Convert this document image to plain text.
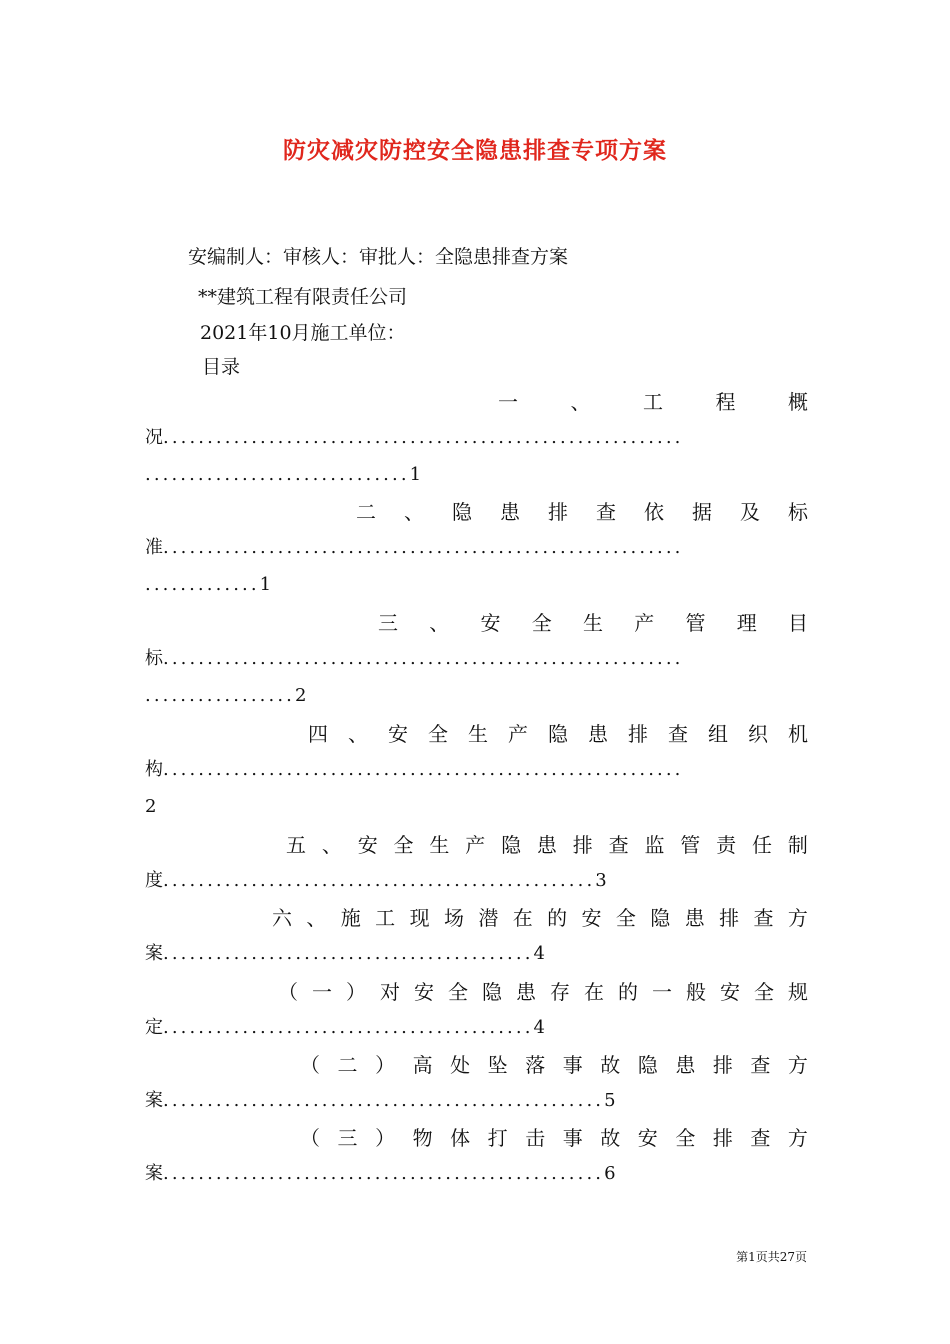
防灾减灾防控安全隐患排查专项方案
安编制人：审核人：审批人：全隐患排查方案
**建筑工程有限责任公司
2021年10月施工单位：
目录
一	、	工	程	概
况...........................................................
..............................1
二 、 隐 患 排 查 依 据 及 标
准...........................................................
.............1
三 、 安 全 生 产 管 理 目
标...........................................................
.................2
四 、 安 全 生 产 隐 患 排 查 组 织 机
构...........................................................
2
五 、 安 全 生 产 隐 患 排 查 监 管 责 任 制
度.................................................3
六 、 施 工 现 场 潜 在 的 安 全 隐 患 排 查 方
案..........................................4
（ 一 ） 对 安 全 隐 患 存 在 的 一 般 安 全 规
定..........................................4
（ 二 ） 高 处 坠 落 事 故 隐 患 排 查 方
案..................................................5
（ 三 ） 物 体 打 击 事 故 安 全 排 查 方
案..................................................6
第1页共27页
